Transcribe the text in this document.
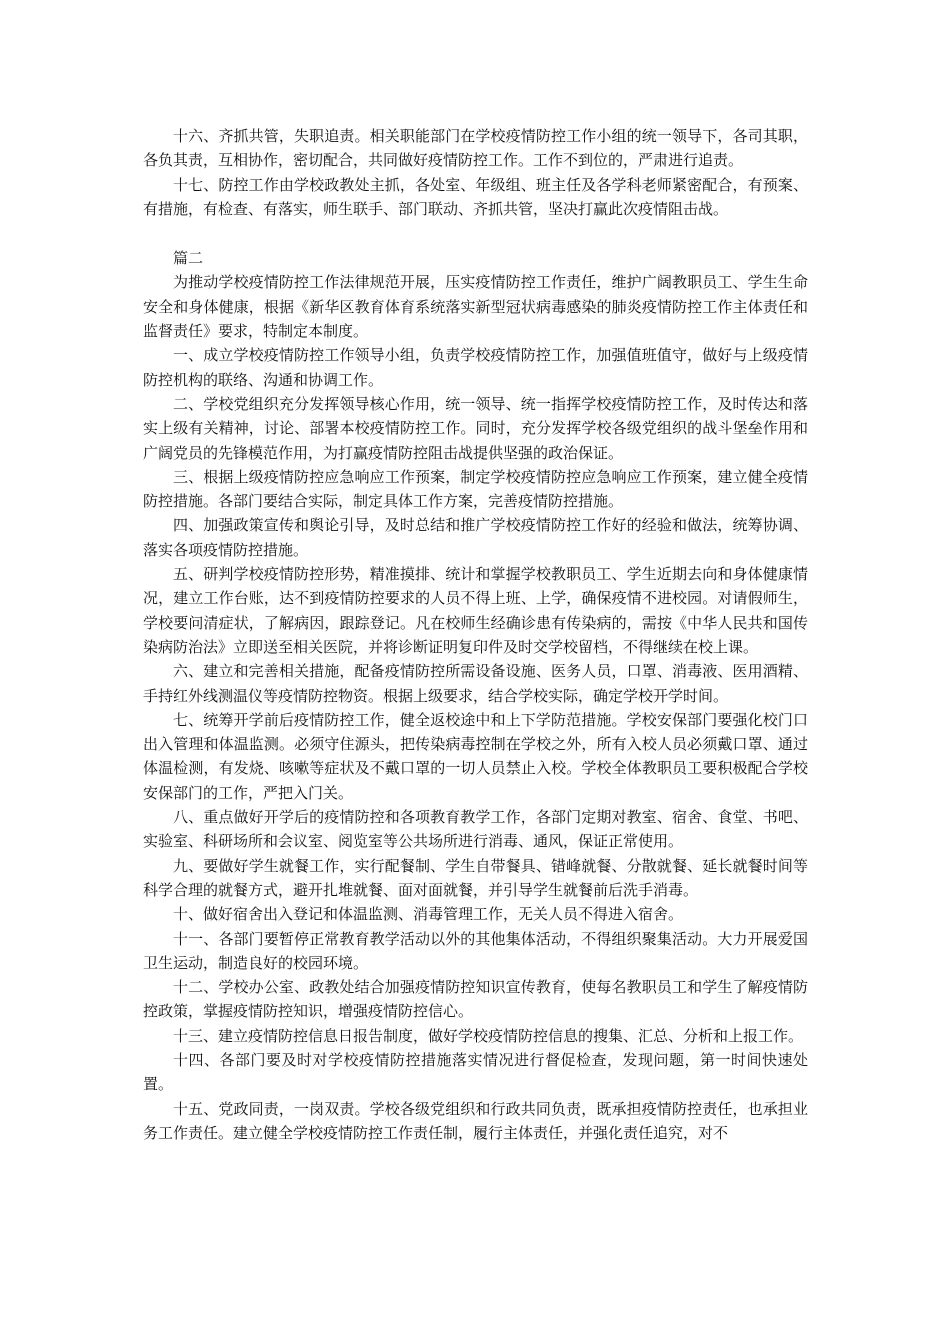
十六、齐抓共管，失职追责。相关职能部门在学校疫情防控工作小组的统一领导下，各司其职，各负其责，互相协作，密切配合，共同做好疫情防控工作。工作不到位的，严肃进行追责。

十七、防控工作由学校政教处主抓，各处室、年级组、班主任及各学科老师紧密配合，有预案、有措施，有检查、有落实，师生联手、部门联动、齐抓共管，坚决打赢此次疫情阻击战。

篇二

为推动学校疫情防控工作法律规范开展，压实疫情防控工作责任，维护广阔教职员工、学生生命安全和身体健康，根据《新华区教育体育系统落实新型冠状病毒感染的肺炎疫情防控工作主体责任和监督责任》要求，特制定本制度。

一、成立学校疫情防控工作领导小组，负责学校疫情防控工作，加强值班值守，做好与上级疫情防控机构的联络、沟通和协调工作。

二、学校党组织充分发挥领导核心作用，统一领导、统一指挥学校疫情防控工作，及时传达和落实上级有关精神，讨论、部署本校疫情防控工作。同时，充分发挥学校各级党组织的战斗堡垒作用和广阔党员的先锋模范作用，为打赢疫情防控阻击战提供坚强的政治保证。

三、根据上级疫情防控应急响应工作预案，制定学校疫情防控应急响应工作预案，建立健全疫情防控措施。各部门要结合实际，制定具体工作方案，完善疫情防控措施。

四、加强政策宣传和舆论引导，及时总结和推广学校疫情防控工作好的经验和做法，统筹协调、落实各项疫情防控措施。

五、研判学校疫情防控形势，精准摸排、统计和掌握学校教职员工、学生近期去向和身体健康情况，建立工作台账，达不到疫情防控要求的人员不得上班、上学，确保疫情不进校园。对请假师生，学校要问清症状，了解病因，跟踪登记。凡在校师生经确诊患有传染病的，需按《中华人民共和国传染病防治法》立即送至相关医院，并将诊断证明复印件及时交学校留档，不得继续在校上课。

六、建立和完善相关措施，配备疫情防控所需设备设施、医务人员，口罩、消毒液、医用酒精、手持红外线测温仪等疫情防控物资。根据上级要求，结合学校实际，确定学校开学时间。

七、统筹开学前后疫情防控工作，健全返校途中和上下学防范措施。学校安保部门要强化校门口出入管理和体温监测。必须守住源头，把传染病毒控制在学校之外，所有入校人员必须戴口罩、通过体温检测，有发烧、咳嗽等症状及不戴口罩的一切人员禁止入校。学校全体教职员工要积极配合学校安保部门的工作，严把入门关。

八、重点做好开学后的疫情防控和各项教育教学工作，各部门定期对教室、宿舍、食堂、书吧、实验室、科研场所和会议室、阅览室等公共场所进行消毒、通风，保证正常使用。

九、要做好学生就餐工作，实行配餐制、学生自带餐具、错峰就餐、分散就餐、延长就餐时间等科学合理的就餐方式，避开扎堆就餐、面对面就餐，并引导学生就餐前后洗手消毒。

十、做好宿舍出入登记和体温监测、消毒管理工作，无关人员不得进入宿舍。

十一、各部门要暂停正常教育教学活动以外的其他集体活动，不得组织聚集活动。大力开展爱国卫生运动，制造良好的校园环境。

十二、学校办公室、政教处结合加强疫情防控知识宣传教育，使每名教职员工和学生了解疫情防控政策，掌握疫情防控知识，增强疫情防控信心。

十三、建立疫情防控信息日报告制度，做好学校疫情防控信息的搜集、汇总、分析和上报工作。

十四、各部门要及时对学校疫情防控措施落实情况进行督促检查，发现问题，第一时间快速处置。

十五、党政同责，一岗双责。学校各级党组织和行政共同负责，既承担疫情防控责任，也承担业务工作责任。建立健全学校疫情防控工作责任制，履行主体责任，并强化责任追究，对不
